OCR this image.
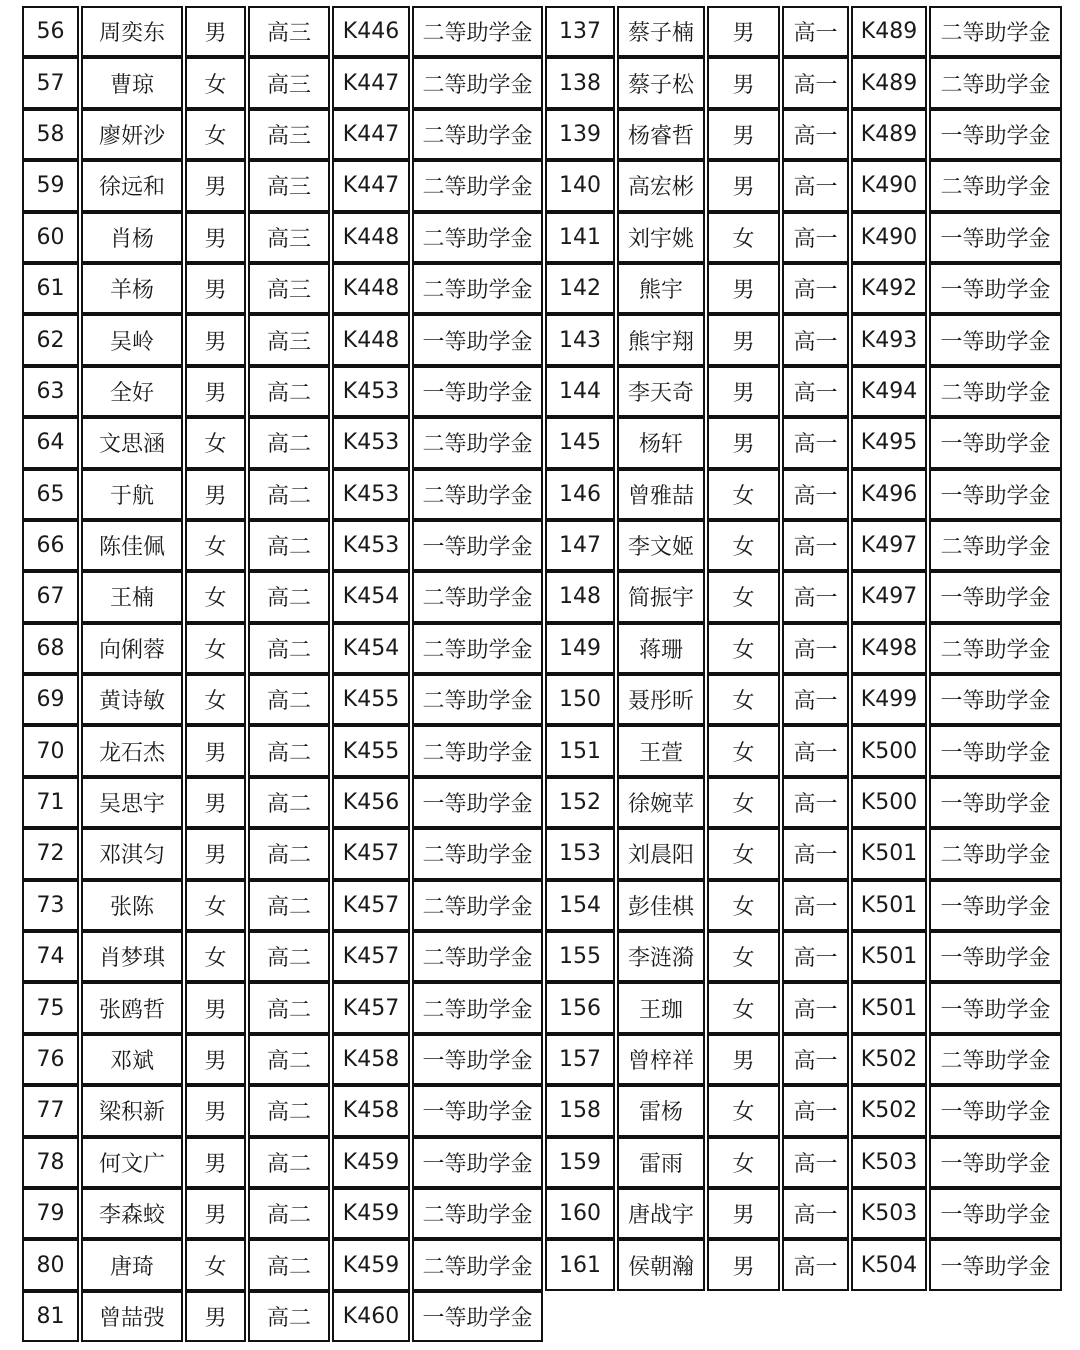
56	周奕东	男	高三	K446	二等助学金
57	曹琼	女	高三	K447	二等助学金
58	廖妍沙	女	高三	K447	二等助学金
59	徐远和	男	高三	K447	二等助学金
60	肖杨	男	高三	K448	二等助学金
61	羊杨	男	高三	K448	二等助学金
62	吴岭	男	高三	K448	一等助学金
63	全好	男	高二	K453	一等助学金
64	文思涵	女	高二	K453	二等助学金
65	于航	男	高二	K453	二等助学金
66	陈佳佩	女	高二	K453	一等助学金
67	王楠	女	高二	K454	二等助学金
68	向俐蓉	女	高二	K454	二等助学金
69	黄诗敏	女	高二	K455	二等助学金
70	龙石杰	男	高二	K455	二等助学金
71	吴思宇	男	高二	K456	一等助学金
72	邓淇匀	男	高二	K457	二等助学金
73	张陈	女	高二	K457	二等助学金
74	肖梦琪	女	高二	K457	二等助学金
75	张鸥哲	男	高二	K457	二等助学金
76	邓斌	男	高二	K458	一等助学金
77	梁积新	男	高二	K458	一等助学金
78	何文广	男	高二	K459	一等助学金
79	李森蛟	男	高二	K459	二等助学金
80	唐琦	女	高二	K459	二等助学金
81	曾喆弢	男	高二	K460	一等助学金
137	蔡子楠	男	高一	K489	二等助学金
138	蔡子松	男	高一	K489	二等助学金
139	杨睿哲	男	高一	K489	一等助学金
140	高宏彬	男	高一	K490	二等助学金
141	刘宇姚	女	高一	K490	一等助学金
142	熊宇	男	高一	K492	一等助学金
143	熊宇翔	男	高一	K493	一等助学金
144	李天奇	男	高一	K494	二等助学金
145	杨轩	男	高一	K495	一等助学金
146	曾雅喆	女	高一	K496	一等助学金
147	李文姬	女	高一	K497	二等助学金
148	简振宇	女	高一	K497	一等助学金
149	蒋珊	女	高一	K498	二等助学金
150	聂彤昕	女	高一	K499	一等助学金
151	王萱	女	高一	K500	一等助学金
152	徐婉苹	女	高一	K500	一等助学金
153	刘晨阳	女	高一	K501	二等助学金
154	彭佳棋	女	高一	K501	一等助学金
155	李涟漪	女	高一	K501	一等助学金
156	王珈	女	高一	K501	一等助学金
157	曾梓祥	男	高一	K502	二等助学金
158	雷杨	女	高一	K502	一等助学金
159	雷雨	女	高一	K503	一等助学金
160	唐战宇	男	高一	K503	一等助学金
161	侯朝瀚	男	高一	K504	一等助学金
